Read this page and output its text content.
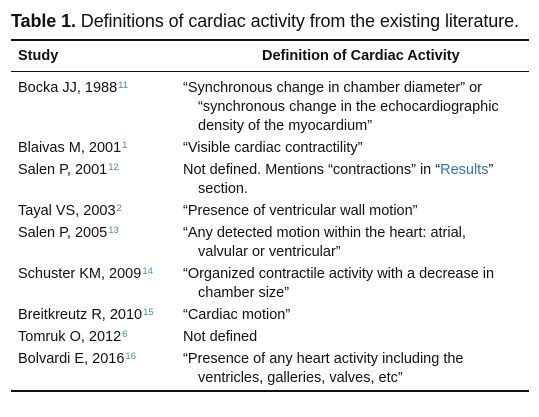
Table 1. Definitions of cardiac activity from the existing literature.
Study	Definition of Cardiac Activity
Bocka JJ, 1988$^{11}$	“Synchronous change in chamber diameter” or
“synchronous change in the echocardiographic
density of the myocardium”
Blaivas M, 2001$^1$	“Visible cardiac contractility”
Salen P, 2001$^{12}$	Not defined. Mentions “contractions” in “Results”
section.
Tayal VS, 2003$^2$	“Presence of ventricular wall motion”
Salen P, 2005$^{13}$	“Any detected motion within the heart: atrial,
valvular or ventricular”
Schuster KM, 2009$^{14}$ “Organized contractile activity with a decrease in
chamber size”
Breitkreutz R, 2010$^{15}$ “Cardiac motion”
Tomruk O, 2012$^6$	Not defined
Bolvardi E, 2016$^{16}$	“Presence of any heart activity including the
ventricles, galleries, valves, etc”
